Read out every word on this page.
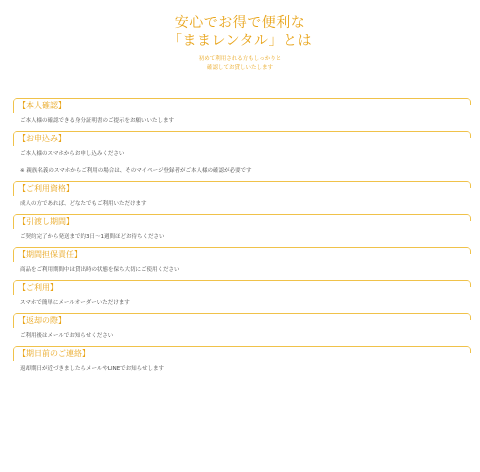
安心でお得で便利な
「ままレンタル」とは
初めて利用される方もしっかりと
確認してお貸しいたします
【本人確認】
ご本人様の確認できる身分証明書のご提示をお願いいたします
【お申込み】
ご本人様のスマホからお申し込みください
※ 親族名義のスマホからご利用の場合は、そのマイページ登録者がご本人様の確認が必要です
【ご利用資格】
成人の方であれば、どなたでもご利用いただけます
【引渡し期間】
ご契約完了から発送まで約3日〜1週間ほどお待ちください
【期間担保責任】
商品をご利用期間中は貸出時の状態を保ち大切にご使用ください
【ご利用】
スマホで簡単にメールオーダーいただけます
【返却の際】
ご利用後はメールでお知らせください
【期日前のご連絡】
返却期日が近づきましたらメールやLINEでお知らせします
